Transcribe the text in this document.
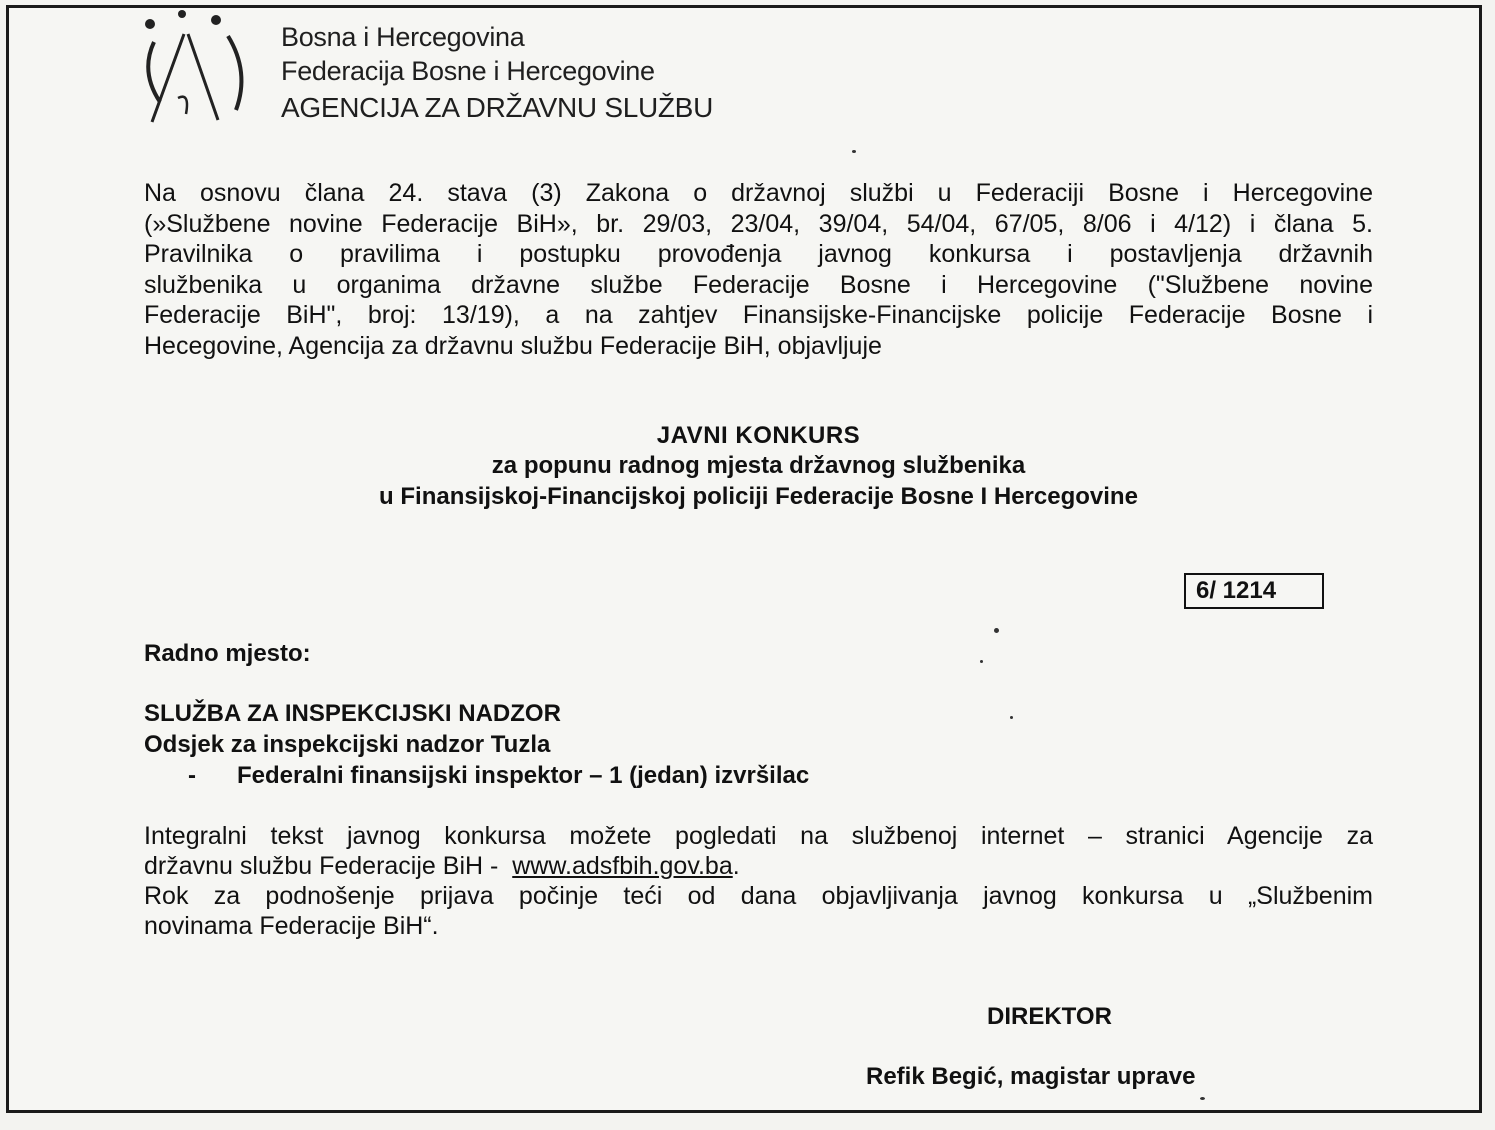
Bosna i Hercegovina
Federacija Bosne i Hercegovine
AGENCIJA ZA DRŽAVNU SLUŽBU
Na osnovu člana 24. stava (3) Zakona o državnoj službi u Federaciji Bosne i Hercegovine
(»Službene novine Federacije BiH», br. 29/03, 23/04, 39/04, 54/04, 67/05, 8/06 i 4/12) i člana 5.
Pravilnika o pravilima i postupku provođenja javnog konkursa i postavljenja državnih
službenika u organima državne službe Federacije Bosne i Hercegovine ("Službene novine
Federacije BiH", broj: 13/19), a na zahtjev Finansijske-Financijske policije Federacije Bosne i
Hecegovine, Agencija za državnu službu Federacije BiH, objavljuje
JAVNI KONKURS
za popunu radnog mjesta državnog službenika
u Finansijskoj-Financijskoj policiji Federacije Bosne I Hercegovine
6/ 1214
Radno mjesto:
SLUŽBA ZA INSPEKCIJSKI NADZOR
Odsjek za inspekcijski nadzor Tuzla
- Federalni finansijski inspektor – 1 (jedan) izvršilac
Integralni tekst javnog konkursa možete pogledati na službenoj internet – stranici Agencije za
državnu službu Federacije BiH - www.adsfbih.gov.ba.
Rok za podnošenje prijava počinje teći od dana objavljivanja javnog konkursa u „Službenim
novinama Federacije BiH“.
DIREKTOR
Refik Begić, magistar uprave
